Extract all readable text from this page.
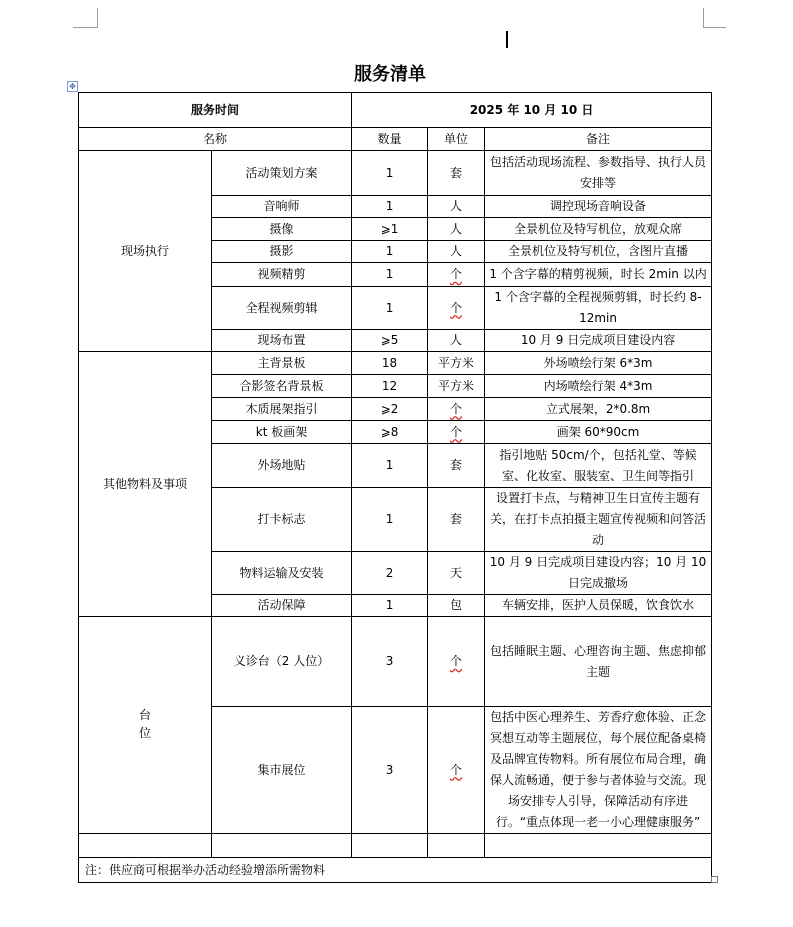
服务清单
✥
服务时间		2025 年 10 月 10 日		
名称		数量	单位	备注
现场执行	活动策划方案	1	套	包括活动现场流程、参数指导、执行人员安排等
	音响师	1	人	调控现场音响设备
	摄像	⩾1	人	全景机位及特写机位，放观众席
	摄影	1	人	全景机位及特写机位，含图片直播
	视频精剪	1	个	1 个含字幕的精剪视频，时长 2min 以内
	全程视频剪辑	1	个	1 个含字幕的全程视频剪辑，时长约 8-12min
	现场布置	⩾5	人	10 月 9 日完成项目建设内容
其他物料及事项	主背景板	18	平方米	外场喷绘行架 6*3m
	合影签名背景板	12	平方米	内场喷绘行架 4*3m
	木质展架指引	⩾2	个	立式展架，2*0.8m
	kt 板画架	⩾8	个	画架 60*90cm
	外场地贴	1	套	指引地贴 50cm/个，包括礼堂、等候室、化妆室、服装室、卫生间等指引
	打卡标志	1	套	设置打卡点，与精神卫生日宣传主题有关，在打卡点拍摄主题宣传视频和问答活动
	物料运输及安装	2	天	10 月 9 日完成项目建设内容；10 月 10 日完成撤场
	活动保障	1	包	车辆安排，医护人员保暖，饮食饮水
台位	义诊台（2 人位）	3	个	包括睡眠主题、心理咨询主题、焦虑抑郁主题
	集市展位	3	个	包括中医心理养生、芳香疗愈体验、正念冥想互动等主题展位，每个展位配备桌椅及品牌宣传物料。所有展位布局合理，确保人流畅通，便于参与者体验与交流。现场安排专人引导，保障活动有序进行。“重点体现一老一小心理健康服务”

注：供应商可根据举办活动经验增添所需物料				
